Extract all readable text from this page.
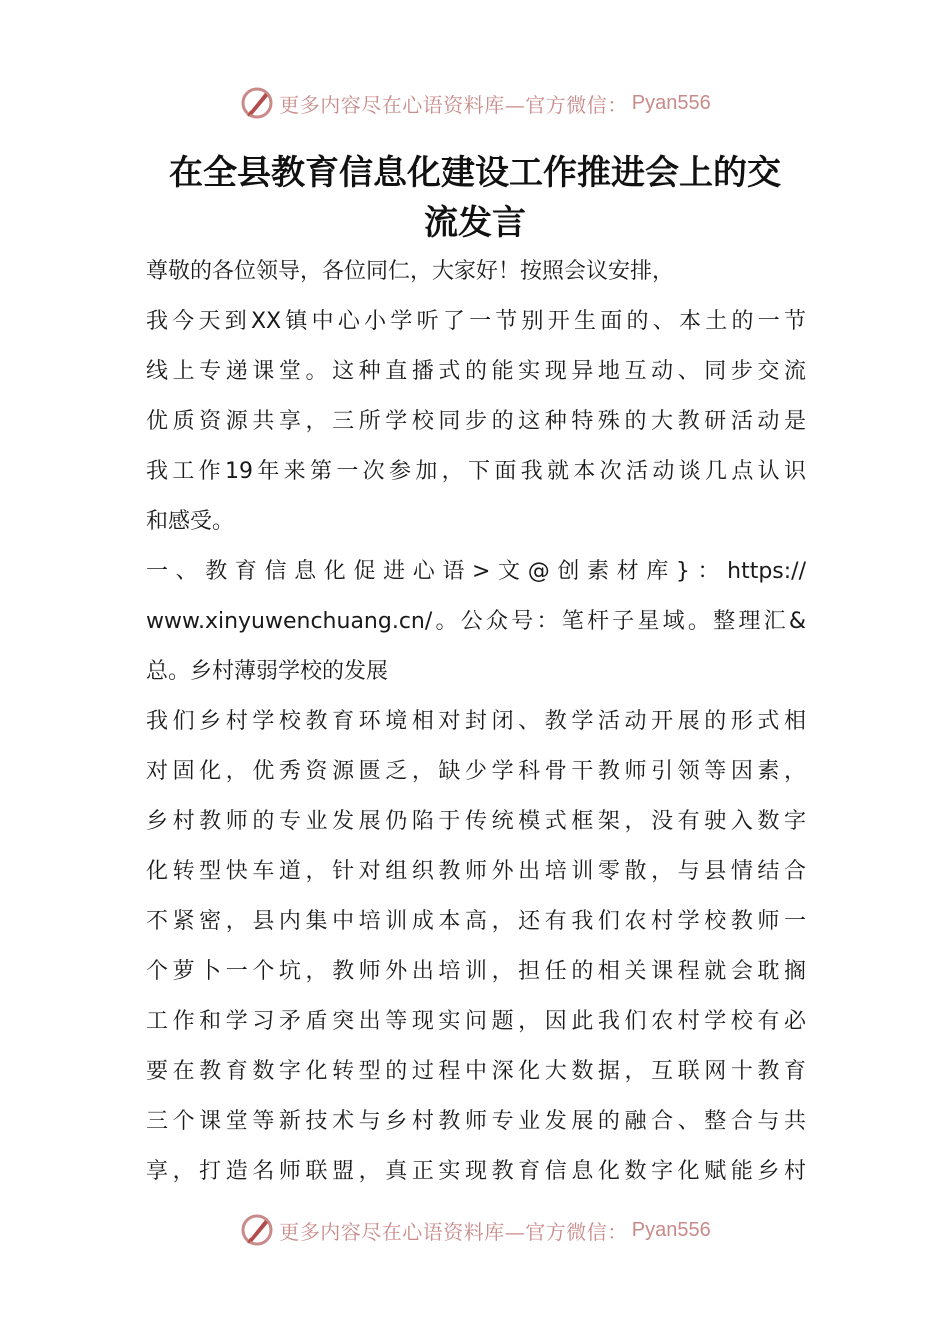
更多内容尽在心语资料库—官方微信： Pyan556
在全县教育信息化建设工作推进会上的交
流发言
尊敬的各位领导，各位同仁，大家好！按照会议安排，
我今天到XX镇中心小学听了一节别开生面的、本土的一节
线上专递课堂。这种直播式的能实现异地互动、同步交流
优质资源共享，三所学校同步的这种特殊的大教研活动是
我工作19年来第一次参加，下面我就本次活动谈几点认识
和感受。
一、教育信息化促进心语>文@创素材库}：https://
www.xinyuwenchuang.cn/。公众号：笔杆子星域。整理汇&
总。乡村薄弱学校的发展
我们乡村学校教育环境相对封闭、教学活动开展的形式相
对固化，优秀资源匮乏，缺少学科骨干教师引领等因素，
乡村教师的专业发展仍陷于传统模式框架，没有驶入数字
化转型快车道，针对组织教师外出培训零散，与县情结合
不紧密，县内集中培训成本高，还有我们农村学校教师一
个萝卜一个坑，教师外出培训，担任的相关课程就会耽搁
工作和学习矛盾突出等现实问题，因此我们农村学校有必
要在教育数字化转型的过程中深化大数据，互联网十教育
三个课堂等新技术与乡村教师专业发展的融合、整合与共
享，打造名师联盟，真正实现教育信息化数字化赋能乡村
更多内容尽在心语资料库—官方微信： Pyan556
